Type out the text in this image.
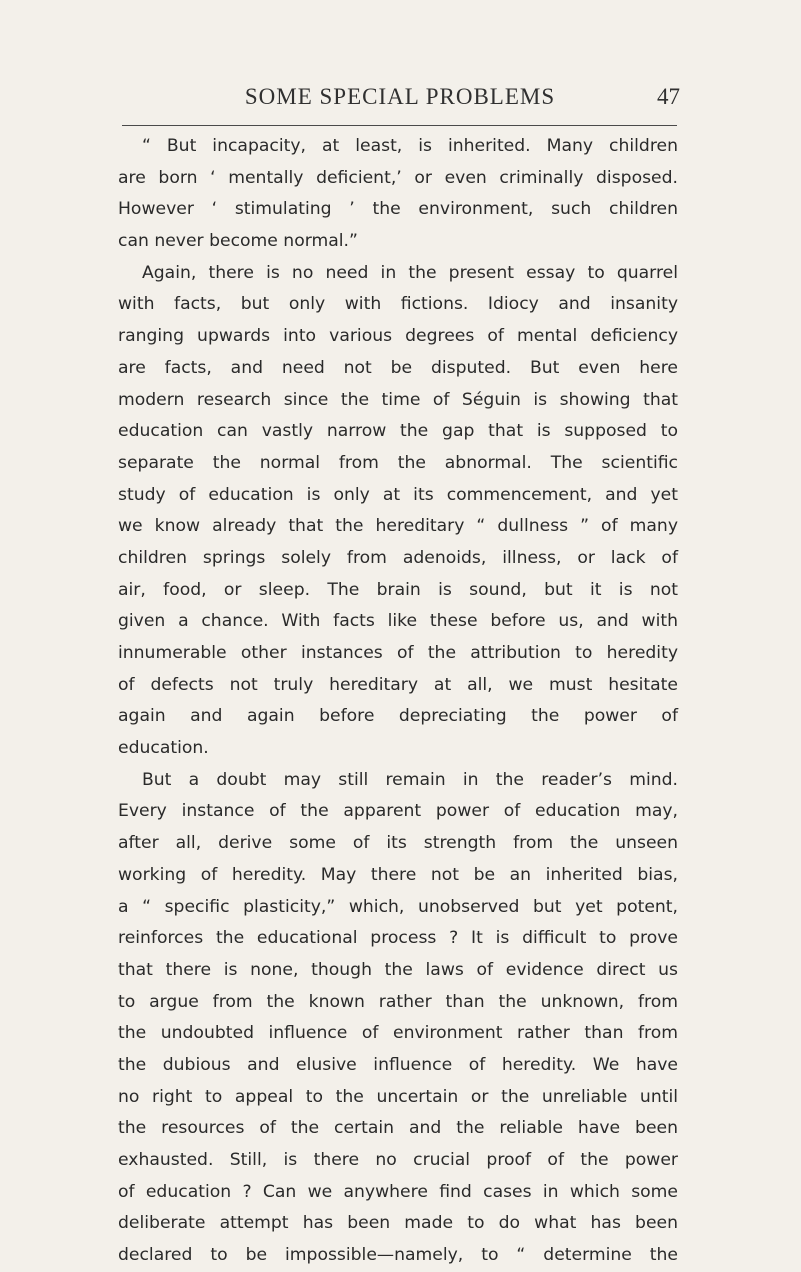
SOME SPECIAL PROBLEMS	47
“ But incapacity, at least, is inherited. Many children
are born ‘ mentally deficient,’ or even criminally disposed.
However ‘ stimulating ’ the environment, such children
can never become normal.”
Again, there is no need in the present essay to quarrel
with facts, but only with fictions. Idiocy and insanity
ranging upwards into various degrees of mental deficiency
are facts, and need not be disputed. But even here
modern research since the time of Séguin is showing that
education can vastly narrow the gap that is supposed to
separate the normal from the abnormal. The scientific
study of education is only at its commencement, and yet
we know already that the hereditary “ dullness ” of many
children springs solely from adenoids, illness, or lack of
air, food, or sleep. The brain is sound, but it is not
given a chance. With facts like these before us, and with
innumerable other instances of the attribution to heredity
of defects not truly hereditary at all, we must hesitate
again and again before depreciating the power of
education.
But a doubt may still remain in the reader’s mind.
Every instance of the apparent power of education may,
after all, derive some of its strength from the unseen
working of heredity. May there not be an inherited bias,
a “ specific plasticity,” which, unobserved but yet potent,
reinforces the educational process ? It is difficult to prove
that there is none, though the laws of evidence direct us
to argue from the known rather than the unknown, from
the undoubted influence of environment rather than from
the dubious and elusive influence of heredity. We have
no right to appeal to the uncertain or the unreliable until
the resources of the certain and the reliable have been
exhausted. Still, is there no crucial proof of the power
of education ? Can we anywhere find cases in which some
deliberate attempt has been made to do what has been
declared to be impossible—namely, to “ determine the
